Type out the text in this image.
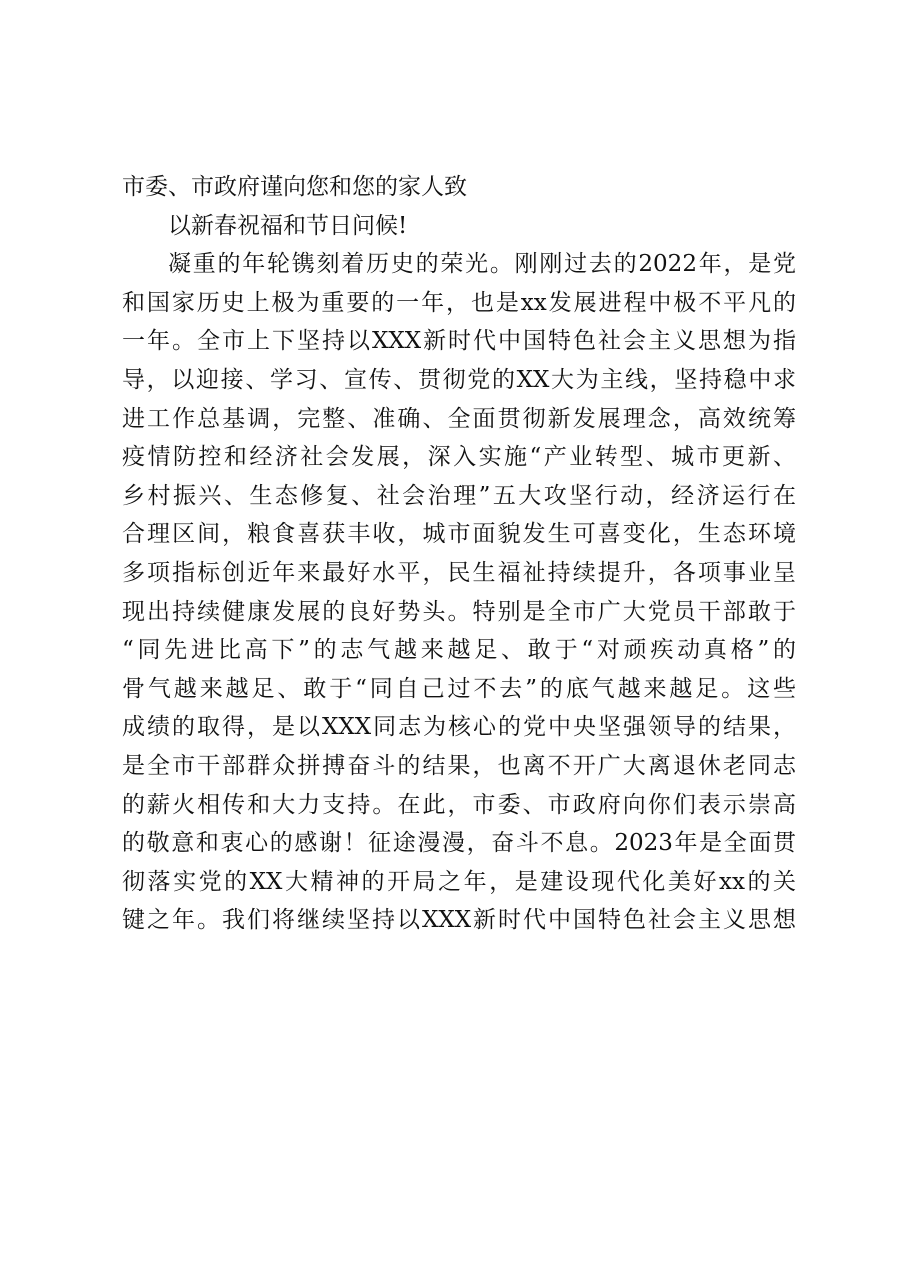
市委、市政府谨向您和您的家人致
以新春祝福和节日问候!
凝重的年轮镌刻着历史的荣光。刚刚过去的2022年，是党
和国家历史上极为重要的一年，也是xx发展进程中极不平凡的
一年。全市上下坚持以XXX新时代中国特色社会主义思想为指
导，以迎接、学习、宣传、贯彻党的XX大为主线，坚持稳中求
进工作总基调，完整、准确、全面贯彻新发展理念，高效统筹
疫情防控和经济社会发展，深入实施“产业转型、城市更新、
乡村振兴、生态修复、社会治理”五大攻坚行动，经济运行在
合理区间，粮食喜获丰收，城市面貌发生可喜变化，生态环境
多项指标创近年来最好水平，民生福祉持续提升，各项事业呈
现出持续健康发展的良好势头。特别是全市广大党员干部敢于
“同先进比高下”的志气越来越足、敢于“对顽疾动真格”的
骨气越来越足、敢于“同自己过不去”的底气越来越足。这些
成绩的取得，是以XXX同志为核心的党中央坚强领导的结果，
是全市干部群众拼搏奋斗的结果，也离不开广大离退休老同志
的薪火相传和大力支持。在此，市委、市政府向你们表示崇高
的敬意和衷心的感谢！征途漫漫，奋斗不息。2023年是全面贯
彻落实党的XX大精神的开局之年，是建设现代化美好xx的关
键之年。我们将继续坚持以XXX新时代中国特色社会主义思想
